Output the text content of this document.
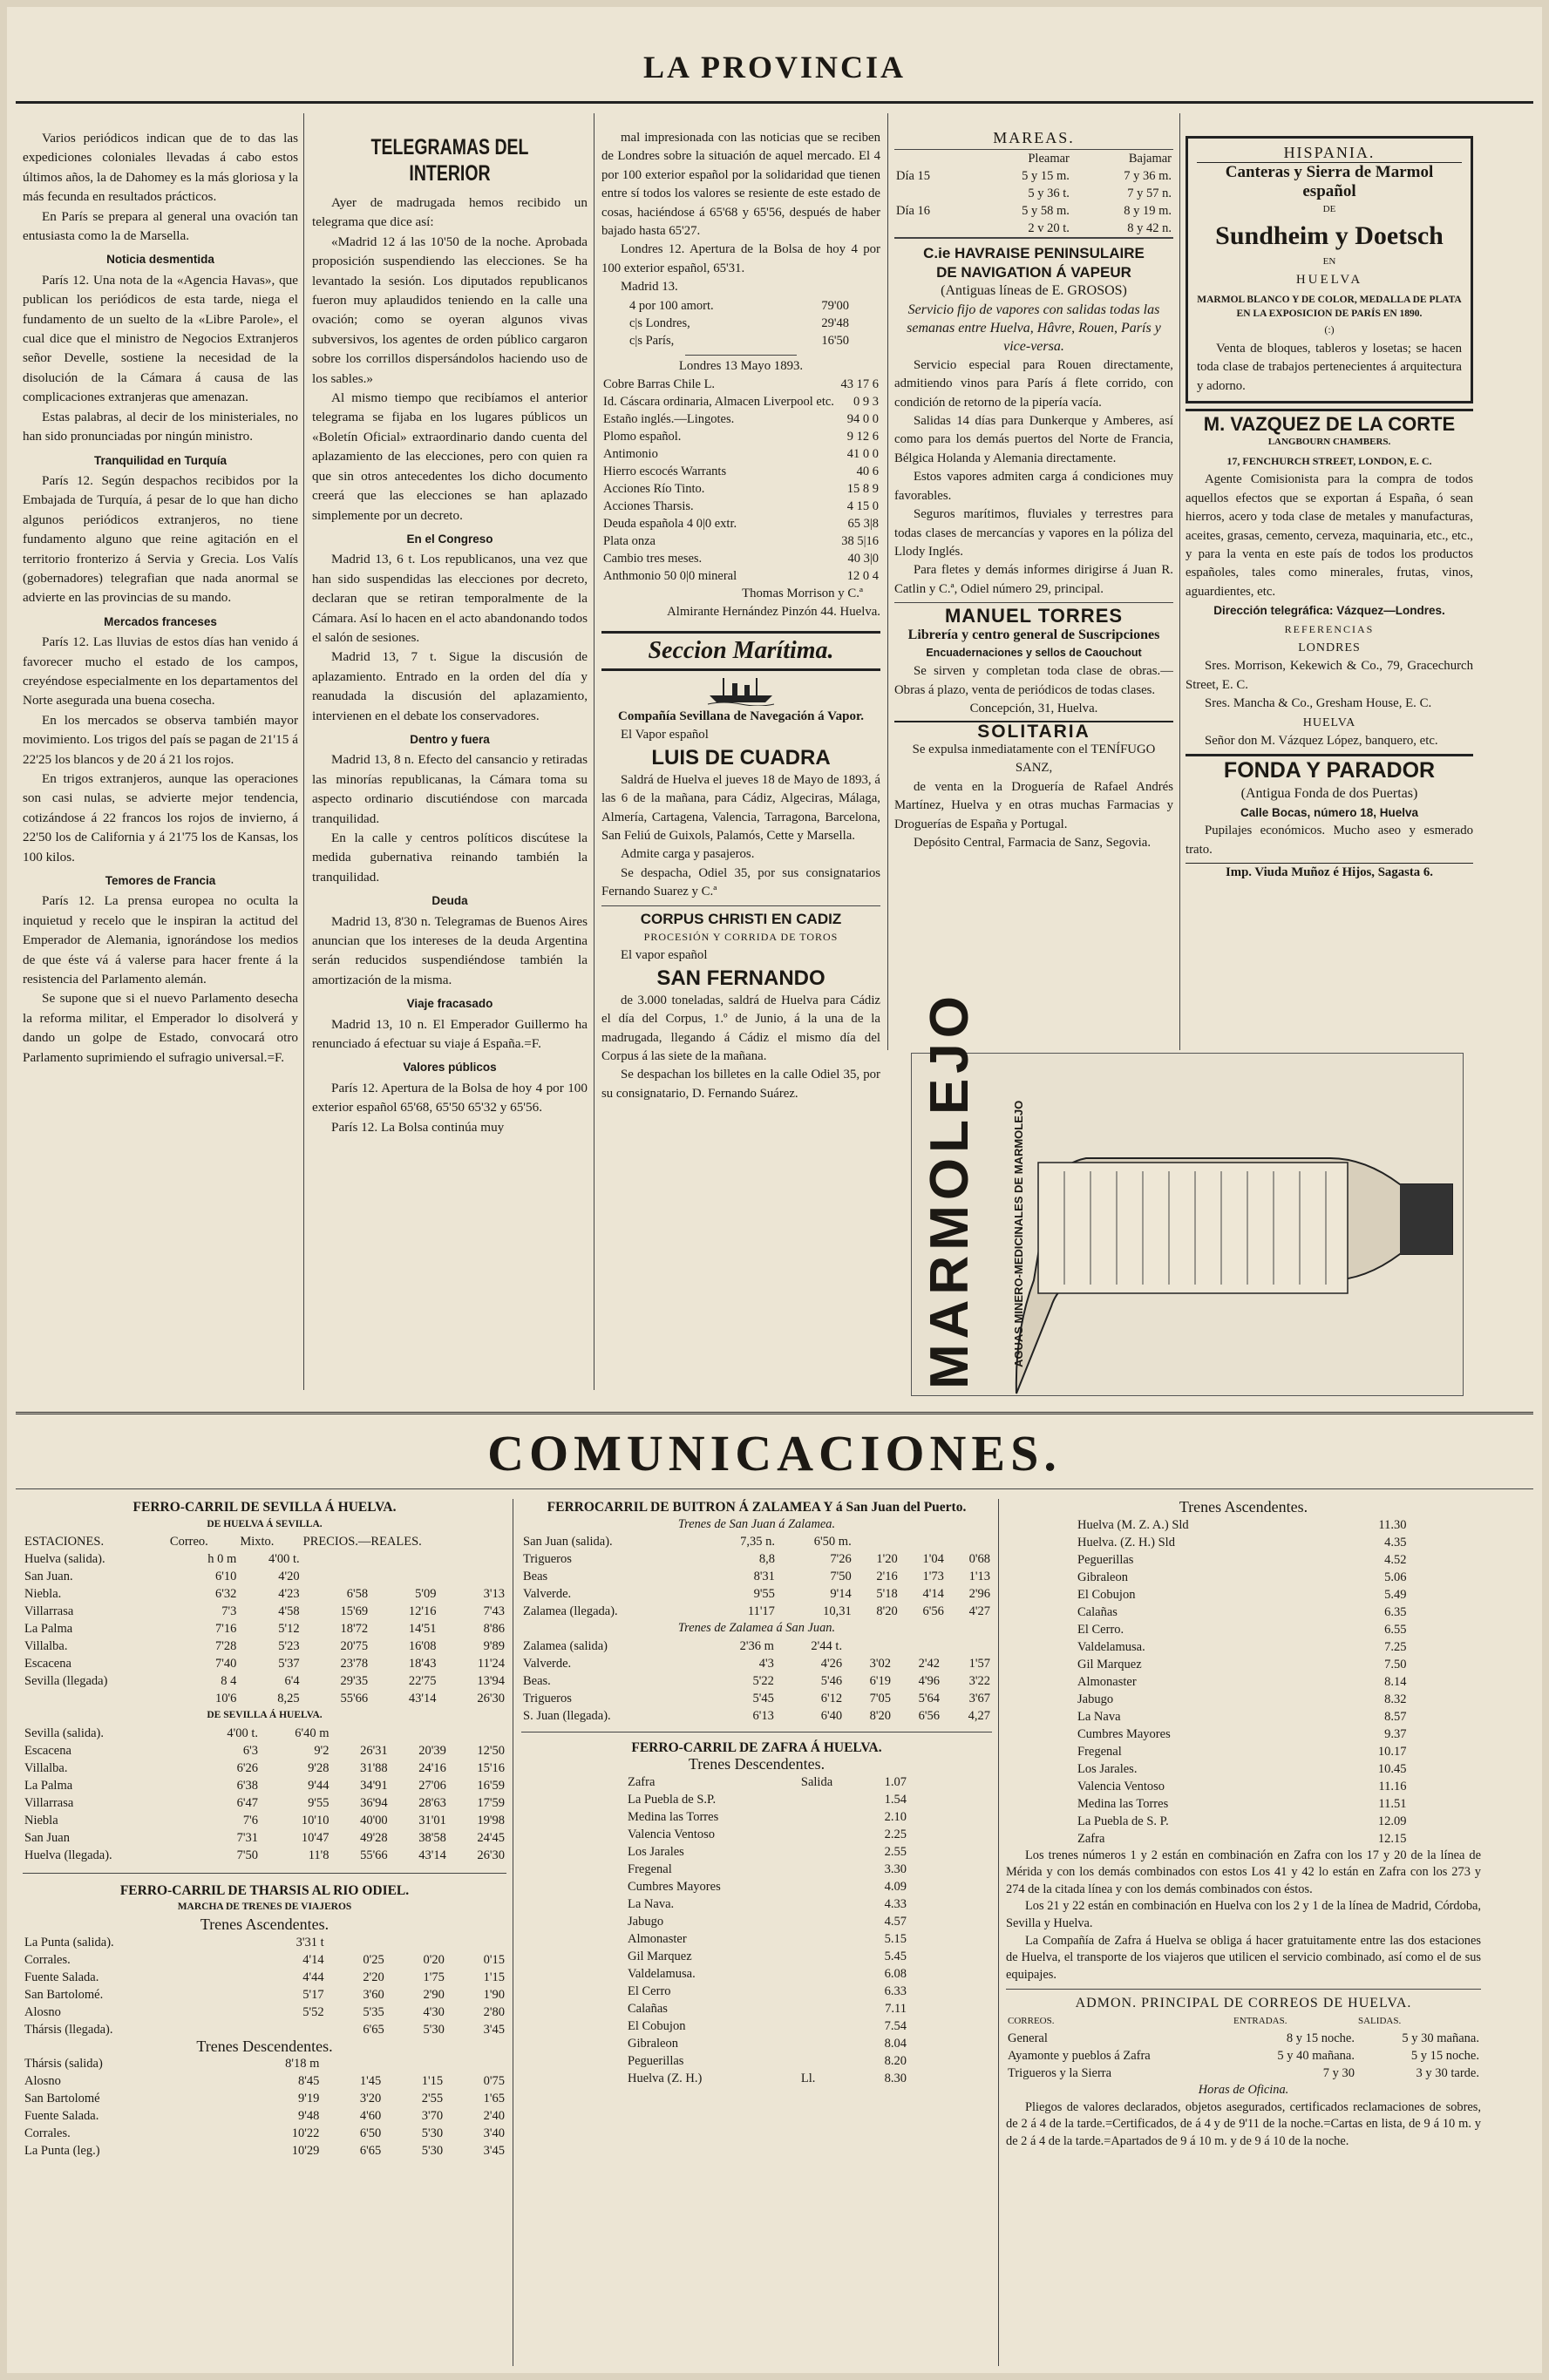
LA PROVINCIA

Varios periódicos indican que de to das las expediciones coloniales llevadas á cabo estos últimos años, la de Dahomey es la más gloriosa y la más fecunda en resultados prácticos.

En París se prepara al general una ovación tan entusiasta como la de Marsella.

Noticia desmentida

París 12. Una nota de la «Agencia Havas», que publican los periódicos de esta tarde, niega el fundamento de un suelto de la «Libre Parole», el cual dice que el ministro de Negocios Extranjeros señor Develle, sostiene la necesidad de la disolución de la Cámara á causa de las complicaciones extranjeras que amenazan.

Estas palabras, al decir de los ministeriales, no han sido pronunciadas por ningún ministro.

Tranquilidad en Turquía

París 12. Según despachos recibidos por la Embajada de Turquía, á pesar de lo que han dicho algunos periódicos extranjeros, no tiene fundamento alguno que reine agitación en el territorio fronterizo á Servia y Grecia. Los Valís (gobernadores) telegrafian que nada anormal se advierte en las provincias de su mando.

Mercados franceses

París 12. Las lluvias de estos días han venido á favorecer mucho el estado de los campos, creyéndose especialmente en los departamentos del Norte asegurada una buena cosecha.

En los mercados se observa también mayor movimiento. Los trigos del país se pagan de 21'15 á 22'25 los blancos y de 20 á 21 los rojos.

En trigos extranjeros, aunque las operaciones son casi nulas, se advierte mejor tendencia, cotizándose á 22 francos los rojos de invierno, á 22'50 los de California y á 21'75 los de Kansas, los 100 kilos.

Temores de Francia

París 12. La prensa europea no oculta la inquietud y recelo que le inspiran la actitud del Emperador de Alemania, ignorándose los medios de que éste vá á valerse para hacer frente á la resistencia del Parlamento alemán.

Se supone que si el nuevo Parlamento desecha la reforma militar, el Emperador lo disolverá y dando un golpe de Estado, convocará otro Parlamento suprimiendo el sufragio universal.=F.

TELEGRAMAS DEL INTERIOR

Ayer de madrugada hemos recibido un telegrama que dice así:

«Madrid 12 á las 10'50 de la noche. Aprobada proposición suspendiendo las elecciones. Se ha levantado la sesión. Los diputados republicanos fueron muy aplaudidos teniendo en la calle una ovación; como se oyeran algunos vivas subversivos, los agentes de orden público cargaron sobre los corrillos dispersándolos haciendo uso de los sables.»

Al mismo tiempo que recibíamos el anterior telegrama se fijaba en los lugares públicos un «Boletín Oficial» extraordinario dando cuenta del aplazamiento de las elecciones, pero con quien ra que sin otros antecedentes los dicho documento creerá que las elecciones se han aplazado simplemente por un decreto.

En el Congreso

Madrid 13, 6 t. Los republicanos, una vez que han sido suspendidas las elecciones por decreto, declaran que se retiran temporalmente de la Cámara. Así lo hacen en el acto abandonando todos el salón de sesiones.

Madrid 13, 7 t. Sigue la discusión de aplazamiento. Entrado en la orden del día y reanudada la discusión del aplazamiento, intervienen en el debate los conservadores.

Dentro y fuera

Madrid 13, 8 n. Efecto del cansancio y retiradas las minorías republicanas, la Cámara toma su aspecto ordinario discutiéndose con marcada tranquilidad.

En la calle y centros políticos discútese la medida gubernativa reinando también la tranquilidad.

Deuda

Madrid 13, 8'30 n. Telegramas de Buenos Aires anuncian que los intereses de la deuda Argentina serán reducidos suspendiéndose también la amortización de la misma.

Viaje fracasado

Madrid 13, 10 n. El Emperador Guillermo ha renunciado á efectuar su viaje á España.=F.

Valores públicos

París 12. Apertura de la Bolsa de hoy 4 por 100 exterior español 65'68, 65'50 65'32 y 65'56.

París 12. La Bolsa continúa muy

mal impresionada con las noticias que se reciben de Londres sobre la situación de aquel mercado. El 4 por 100 exterior español por la solidaridad que tienen entre sí todos los valores se resiente de este estado de cosas, haciéndose á 65'68 y 65'56, después de haber bajado hasta 65'27.

Londres 12. Apertura de la Bolsa de hoy 4 por 100 exterior español, 65'31.

Madrid 13.

4 por 100 amort.	79'00
c|s Londres,	29'48
c|s París,	16'50
Londres 13 Mayo 1893.
Cobre Barras Chile L.	43 17 6
Id. Cáscara ordinaria, Almacen Liverpool etc.	0 9 3
Estaño inglés.—Lingotes.	94 0 0
Plomo español.	9 12 6
Antimonio	41 0 0
Hierro escocés Warrants	40 6
Acciones Río Tinto.	15 8 9
Acciones Tharsis.	4 15 0
Deuda española 4 0|0 extr.	65 3|8
Plata onza	38 5|16
Cambio tres meses.	40 3|0
Anthmonio 50 0|0 mineral	12 0 4
Thomas Morrison y C.ª
Almirante Hernández Pinzón 44. Huelva.
Seccion Marítima.
Compañía Sevillana de Navegación á Vapor.

El Vapor español

LUIS DE CUADRA

Saldrá de Huelva el jueves 18 de Mayo de 1893, á las 6 de la mañana, para Cádiz, Algeciras, Málaga, Almería, Cartagena, Valencia, Tarragona, Barcelona, San Feliú de Guixols, Palamós, Cette y Marsella.

Admite carga y pasajeros.

Se despacha, Odiel 35, por sus consignatarios Fernando Suarez y C.ª

CORPUS CHRISTI EN CADIZ
PROCESIÓN Y CORRIDA DE TOROS

El vapor español

SAN FERNANDO

de 3.000 toneladas, saldrá de Huelva para Cádiz el día del Corpus, 1.º de Junio, á la una de la madrugada, llegando á Cádiz el mismo día del Corpus á las siete de la mañana.

Se despachan los billetes en la calle Odiel 35, por su consignatario, D. Fernando Suárez.

MAREAS.
	Pleamar	Bajamar
Día 15	5 y 15 m.	7 y 36 m.
	5 y 36 t.	7 y 57 n.
Día 16	5 y 58 m.	8 y 19 m.
	2 v 20 t.	8 y 42 n.
C.ie HAVRAISE PENINSULAIRE
DE NAVIGATION Á VAPEUR
(Antiguas líneas de E. GROSOS)
Servicio fijo de vapores con salidas todas las semanas entre Huelva, Hâvre, Rouen, París y vice-versa.

Servicio especial para Rouen directamente, admitiendo vinos para París á flete corrido, con condición de retorno de la pipería vacía.

Salidas 14 días para Dunkerque y Amberes, así como para los demás puertos del Norte de Francia, Bélgica Holanda y Alemania directamente.

Estos vapores admiten carga á condiciones muy favorables.

Seguros marítimos, fluviales y terrestres para todas clases de mercancías y vapores en la póliza del Llody Inglés.

Para fletes y demás informes dirigirse á Juan R. Catlin y C.ª, Odiel número 29, principal.

MANUEL TORRES
Librería y centro general de Suscripciones
Encuadernaciones y sellos de Caouchout

Se sirven y completan toda clase de obras.—Obras á plazo, venta de periódicos de todas clases.

Concepción, 31, Huelva.
SOLITARIA
Se expulsa inmediatamente con el TENÍFUGO SANZ,

de venta en la Droguería de Rafael Andrés Martínez, Huelva y en otras muchas Farmacias y Droguerías de España y Portugal.

Depósito Central, Farmacia de Sanz, Segovia.

HISPANIA.
Canteras y Sierra de Marmol español
DE
Sundheim y Doetsch
EN
HUELVA
MARMOL BLANCO Y DE COLOR, MEDALLA DE PLATA EN LA EXPOSICION DE PARÍS EN 1890.
(:)

Venta de bloques, tableros y losetas; se hacen toda clase de trabajos pertenecientes á arquitectura y adorno.

M. VAZQUEZ DE LA CORTE
LANGBOURN CHAMBERS.
17, FENCHURCH STREET, LONDON, E. C.

Agente Comisionista para la compra de todos aquellos efectos que se exportan á España, ó sean hierros, acero y toda clase de metales y manufacturas, aceites, grasas, cemento, cerveza, maquinaria, etc., etc., y para la venta en este país de todos los productos españoles, tales como minerales, frutas, vinos, aguardientes, etc.

Dirección telegráfica: Vázquez—Londres.
REFERENCIAS
LONDRES

Sres. Morrison, Kekewich & Co., 79, Gracechurch Street, E. C.

Sres. Mancha & Co., Gresham House, E. C.

HUELVA

Señor don M. Vázquez López, banquero, etc.

FONDA Y PARADOR
(Antigua Fonda de dos Puertas)
Calle Bocas, número 18, Huelva

Pupilajes económicos. Mucho aseo y esmerado trato.

Imp. Viuda Muñoz é Hijos, Sagasta 6.
MARMOLEJO	AGUAS MINERO-MEDICINALES DE MARMOLEJO
COMUNICACIONES.
FERRO-CARRIL DE SEVILLA Á HUELVA.
DE HUELVA Á SEVILLA.
ESTACIONES.	Correo.	Mixto.	PRECIOS.—REALES.		
Huelva (salida).	h 0 m	4'00 t.			
San Juan.	6'10	4'20			
Niebla.	6'32	4'23	6'58	5'09	3'13
Villarrasa	7'3	4'58	15'69	12'16	7'43
La Palma	7'16	5'12	18'72	14'51	8'86
Villalba.	7'28	5'23	20'75	16'08	9'89
Escacena	7'40	5'37	23'78	18'43	11'24
Sevilla (llegada)	8 4	6'4	29'35	22'75	13'94
	10'6	8,25	55'66	43'14	26'30
DE SEVILLA Á HUELVA.
Sevilla (salida).	4'00 t.	6'40 m			
Escacena	6'3	9'2	26'31	20'39	12'50
Villalba.	6'26	9'28	31'88	24'16	15'16
La Palma	6'38	9'44	34'91	27'06	16'59
Villarrasa	6'47	9'55	36'94	28'63	17'59
Niebla	7'6	10'10	40'00	31'01	19'98
San Juan	7'31	10'47	49'28	38'58	24'45
Huelva (llegada).	7'50	11'8	55'66	43'14	26'30
FERRO-CARRIL DE THARSIS AL RIO ODIEL.
MARCHA DE TRENES DE VIAJEROS
Trenes Ascendentes.
La Punta (salida).	3'31 t			
Corrales.	4'14	0'25	0'20	0'15
Fuente Salada.	4'44	2'20	1'75	1'15
San Bartolomé.	5'17	3'60	2'90	1'90
Alosno	5'52	5'35	4'30	2'80
Thársis (llegada).		6'65	5'30	3'45
Trenes Descendentes.
Thársis (salida)	8'18 m			
Alosno	8'45	1'45	1'15	0'75
San Bartolomé	9'19	3'20	2'55	1'65
Fuente Salada.	9'48	4'60	3'70	2'40
Corrales.	10'22	6'50	5'30	3'40
La Punta (leg.)	10'29	6'65	5'30	3'45
FERROCARRIL DE BUITRON Á ZALAMEA Y á San Juan del Puerto.
Trenes de San Juan á Zalamea.
San Juan (salida).	7,35 n.	6'50 m.			
Trigueros	8,8	7'26	1'20	1'04	0'68
Beas	8'31	7'50	2'16	1'73	1'13
Valverde.	9'55	9'14	5'18	4'14	2'96
Zalamea (llegada).	11'17	10,31	8'20	6'56	4'27
Trenes de Zalamea á San Juan.
Zalamea (salida)	2'36 m	2'44 t.			
Valverde.	4'3	4'26	3'02	2'42	1'57
Beas.	5'22	5'46	6'19	4'96	3'22
Trigueros	5'45	6'12	7'05	5'64	3'67
S. Juan (llegada).	6'13	6'40	8'20	6'56	4,27
FERRO-CARRIL DE ZAFRA Á HUELVA.
Trenes Descendentes.
Zafra	Salida	1.07
La Puebla de S.P.		1.54
Medina las Torres		2.10
Valencia Ventoso		2.25
Los Jarales		2.55
Fregenal		3.30
Cumbres Mayores		4.09
La Nava.		4.33
Jabugo		4.57
Almonaster		5.15
Gil Marquez		5.45
Valdelamusa.		6.08
El Cerro		6.33
Calañas		7.11
El Cobujon		7.54
Gibraleon		8.04
Peguerillas		8.20
Huelva (Z. H.)	Ll.	8.30
Trenes Ascendentes.
Huelva (M. Z. A.) Sld	11.30
Huelva. (Z. H.) Sld	4.35
Peguerillas	4.52
Gibraleon	5.06
El Cobujon	5.49
Calañas	6.35
El Cerro.	6.55
Valdelamusa.	7.25
Gil Marquez	7.50
Almonaster	8.14
Jabugo	8.32
La Nava	8.57
Cumbres Mayores	9.37
Fregenal	10.17
Los Jarales.	10.45
Valencia Ventoso	11.16
Medina las Torres	11.51
La Puebla de S. P.	12.09
Zafra	12.15

Los trenes números 1 y 2 están en combinación en Zafra con los 17 y 20 de la línea de Mérida y con los demás combinados con estos Los 41 y 42 lo están en Zafra con los 273 y 274 de la citada línea y con los demás combinados con éstos.

Los 21 y 22 están en combinación en Huelva con los 2 y 1 de la línea de Madrid, Córdoba, Sevilla y Huelva.

La Compañía de Zafra á Huelva se obliga á hacer gratuitamente entre las dos estaciones de Huelva, el transporte de los viajeros que utilicen el servicio combinado, así como el de sus equipajes.

ADMON. PRINCIPAL DE CORREOS DE HUELVA.
CORREOS.	ENTRADAS.	SALIDAS.
General	8 y 15 noche.	5 y 30 mañana.
Ayamonte y pueblos á Zafra	5 y 40 mañana.	5 y 15 noche.
Trigueros y la Sierra	7 y 30	3 y 30 tarde.
Horas de Oficina.

Pliegos de valores declarados, objetos asegurados, certificados reclamaciones de sobres, de 2 á 4 de la tarde.=Certificados, de á 4 y de 9'11 de la noche.=Cartas en lista, de 9 á 10 m. y de 2 á 4 de la tarde.=Apartados de 9 á 10 m. y de 9 á 10 de la noche.
